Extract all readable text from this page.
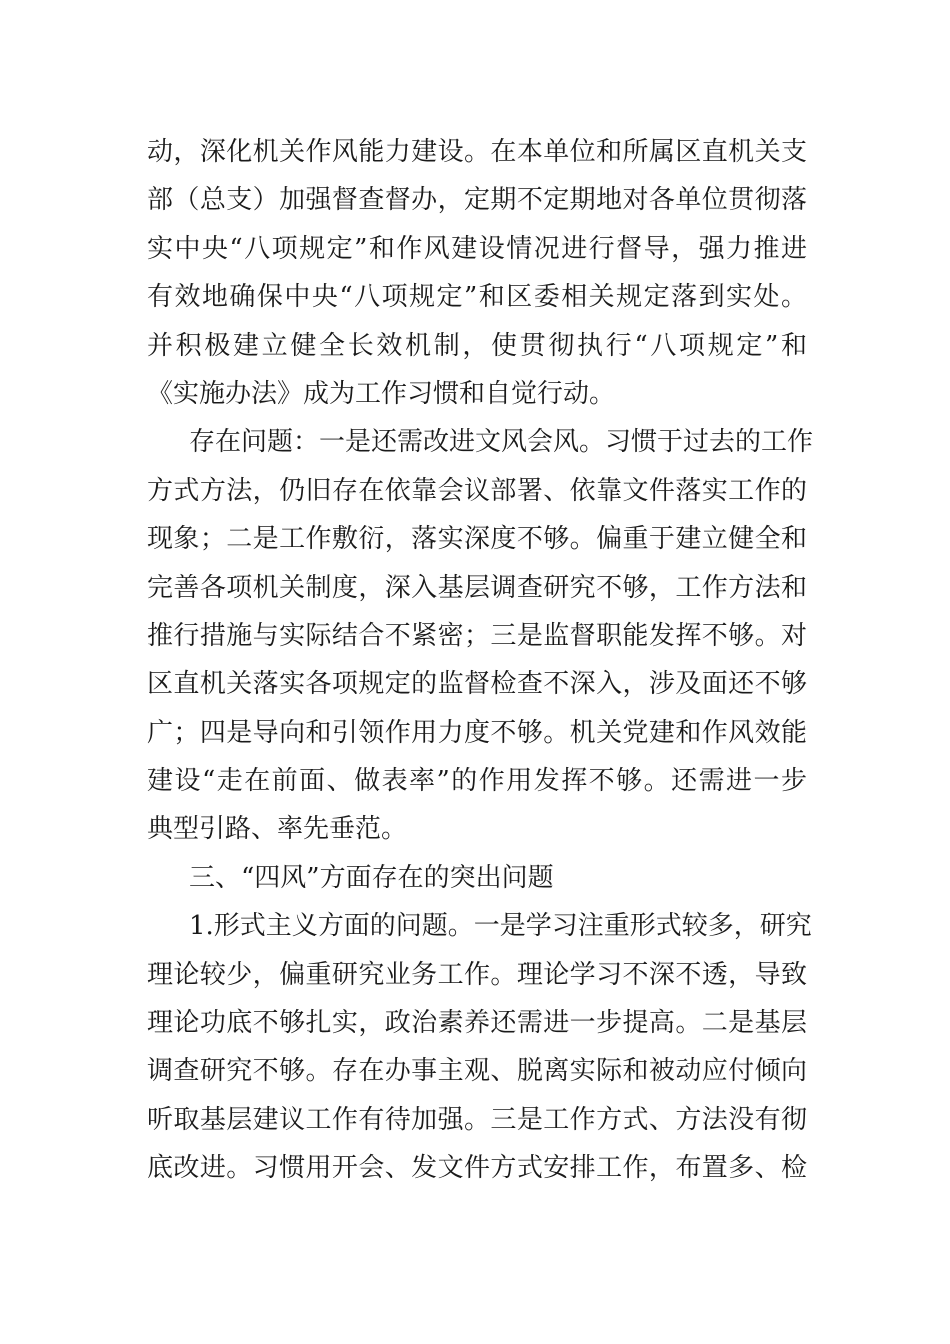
动，深化机关作风能力建设。在本单位和所属区直机关支
部（总支）加强督查督办，定期不定期地对各单位贯彻落
实中央“八项规定”和作风建设情况进行督导，强力推进
有效地确保中央“八项规定”和区委相关规定落到实处。
并积极建立健全长效机制，使贯彻执行“八项规定”和
《实施办法》成为工作习惯和自觉行动。
存在问题：一是还需改进文风会风。习惯于过去的工作
方式方法，仍旧存在依靠会议部署、依靠文件落实工作的
现象；二是工作敷衍，落实深度不够。偏重于建立健全和
完善各项机关制度，深入基层调查研究不够，工作方法和
推行措施与实际结合不紧密；三是监督职能发挥不够。对
区直机关落实各项规定的监督检查不深入，涉及面还不够
广；四是导向和引领作用力度不够。机关党建和作风效能
建设“走在前面、做表率”的作用发挥不够。还需进一步
典型引路、率先垂范。
三、“四风”方面存在的突出问题
1.形式主义方面的问题。一是学习注重形式较多，研究
理论较少，偏重研究业务工作。理论学习不深不透，导致
理论功底不够扎实，政治素养还需进一步提高。二是基层
调查研究不够。存在办事主观、脱离实际和被动应付倾向
听取基层建议工作有待加强。三是工作方式、方法没有彻
底改进。习惯用开会、发文件方式安排工作，布置多、检
